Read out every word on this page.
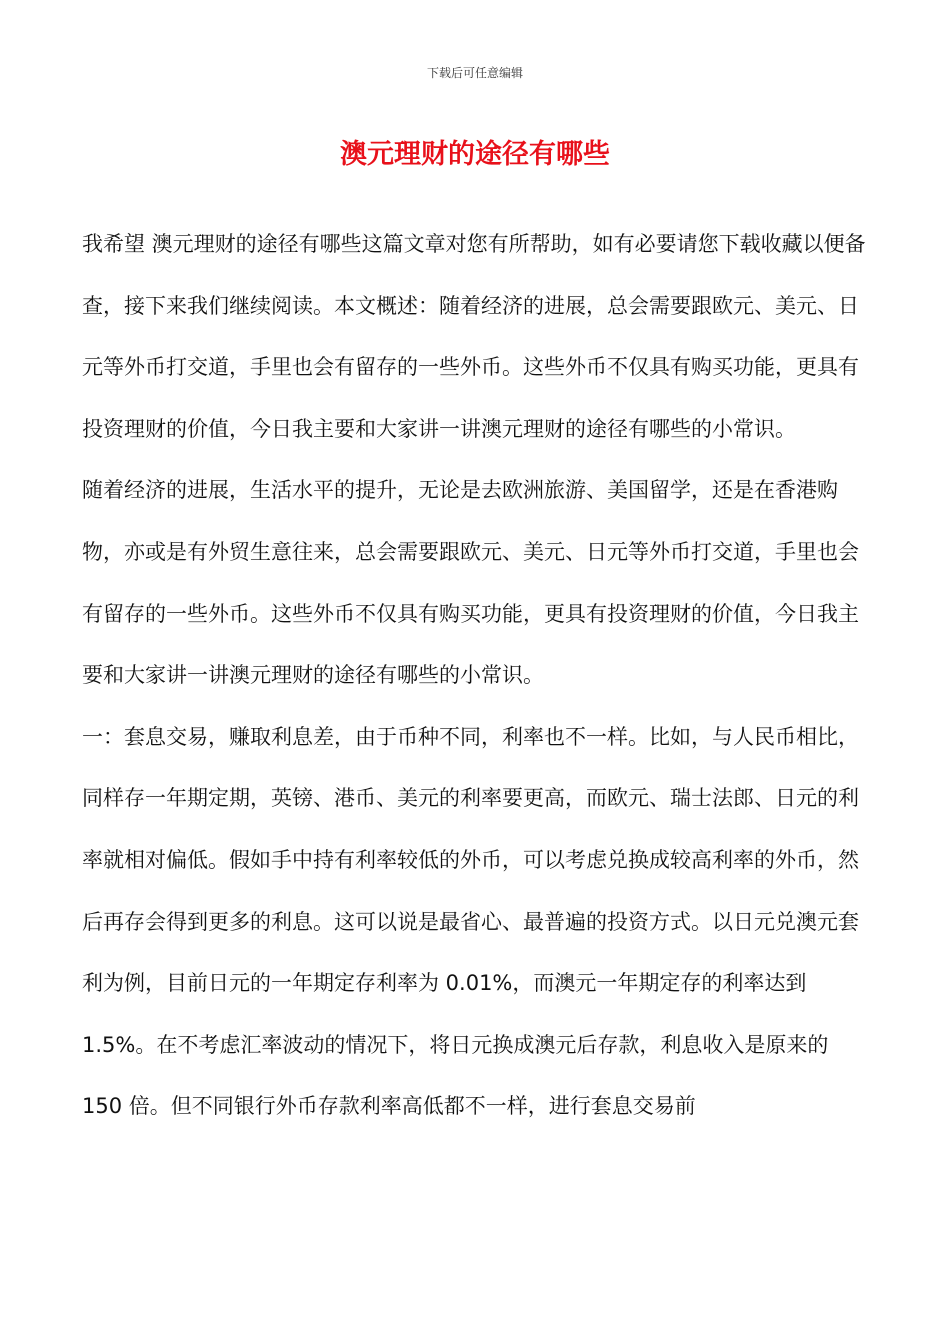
下载后可任意编辑
澳元理财的途径有哪些

我希望 澳元理财的途径有哪些这篇文章对您有所帮助，如有必要请您下载收藏以便备查，接下来我们继续阅读。本文概述：随着经济的进展，总会需要跟欧元、美元、日元等外币打交道，手里也会有留存的一些外币。这些外币不仅具有购买功能，更具有投资理财的价值，今日我主要和大家讲一讲澳元理财的途径有哪些的小常识。

随着经济的进展，生活水平的提升，无论是去欧洲旅游、美国留学，还是在香港购物，亦或是有外贸生意往来，总会需要跟欧元、美元、日元等外币打交道，手里也会有留存的一些外币。这些外币不仅具有购买功能，更具有投资理财的价值，今日我主要和大家讲一讲澳元理财的途径有哪些的小常识。

一：套息交易，赚取利息差，由于币种不同，利率也不一样。比如，与人民币相比，同样存一年期定期，英镑、港币、美元的利率要更高，而欧元、瑞士法郎、日元的利率就相对偏低。假如手中持有利率较低的外币，可以考虑兑换成较高利率的外币，然后再存会得到更多的利息。这可以说是最省心、最普遍的投资方式。以日元兑澳元套利为例，目前日元的一年期定存利率为 0.01%，而澳元一年期定存的利率达到 1.5%。在不考虑汇率波动的情况下，将日元换成澳元后存款，利息收入是原来的 150 倍。但不同银行外币存款利率高低都不一样，进行套息交易前
